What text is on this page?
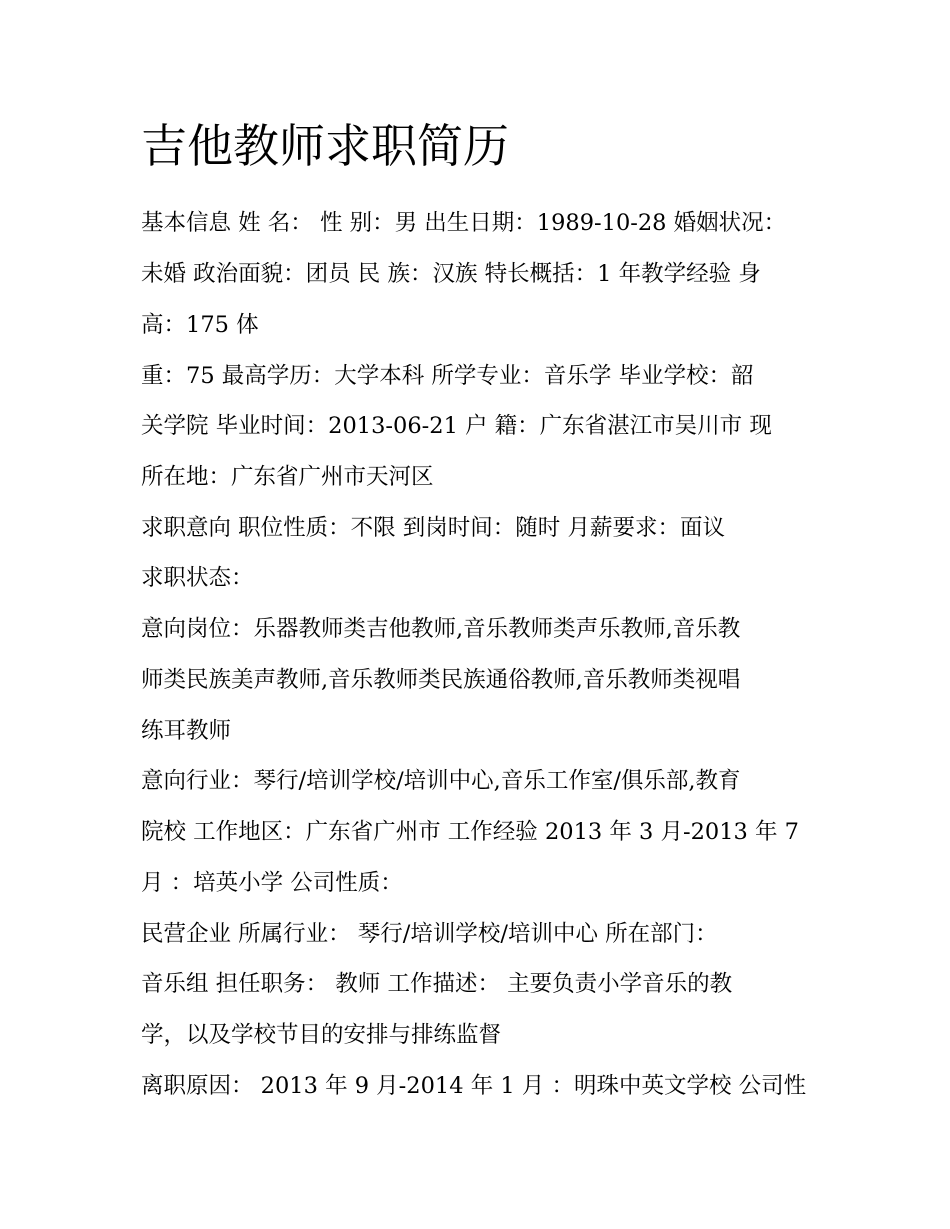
吉他教师求职简历

基本信息 姓 名： 性 别：男 出生日期：1989-10-28 婚姻状况：

未婚 政治面貌：团员 民 族：汉族 特长概括：1 年教学经验 身

高：175 体

重：75 最高学历：大学本科 所学专业：音乐学 毕业学校：韶

关学院 毕业时间：2013-06-21 户 籍：广东省湛江市吴川市 现

所在地：广东省广州市天河区

求职意向 职位性质：不限 到岗时间：随时 月薪要求：面议

求职状态：

意向岗位：乐器教师类吉他教师,音乐教师类声乐教师,音乐教

师类民族美声教师,音乐教师类民族通俗教师,音乐教师类视唱

练耳教师

意向行业：琴行/培训学校/培训中心,音乐工作室/俱乐部,教育

院校 工作地区：广东省广州市 工作经验 2013 年 3 月-2013 年 7

月 ：培英小学 公司性质：

民营企业 所属行业： 琴行/培训学校/培训中心 所在部门：

音乐组 担任职务： 教师 工作描述： 主要负责小学音乐的教

学，以及学校节目的安排与排练监督

离职原因： 2013 年 9 月-2014 年 1 月 ：明珠中英文学校 公司性
